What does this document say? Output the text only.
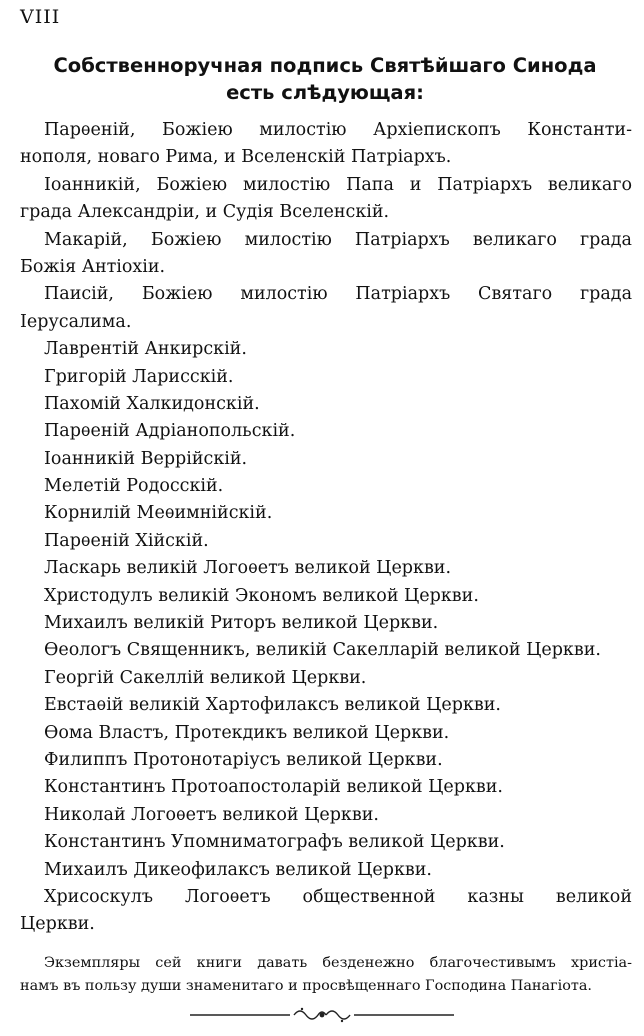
VIII
Собственноручная подпись Святѣйшаго Синода
есть слѣдующая:
Парѳеній, Божіею милостію Архіепископъ Константи-
нополя, новаго Рима, и Вселенскій Патріархъ.
Іоанникій, Божіею милостію Папа и Патріархъ великаго
града Александріи, и Судія Вселенскій.
Макарій, Божіею милостію Патріархъ великаго града
Божія Антіохіи.
Паисій, Божіею милостію Патріархъ Святаго града
Іерусалима.
Лаврентій Анкирскій.
Григорій Ларисскій.
Пахомій Халкидонскій.
Парѳеній Адріанопольскій.
Іоанникій Веррійскій.
Мелетій Родосскій.
Корнилій Меѳимнійскій.
Парѳеній Хійскій.
Ласкарь великій Логоѳетъ великой Церкви.
Христодулъ великій Экономъ великой Церкви.
Михаилъ великій Ритоpъ великой Церкви.
Ѳеологъ Священникъ, великій Сакелларій великой Церкви.
Георгій Сакеллій великой Церкви.
Евстаѳій великій Хартофилаксъ великой Церкви.
Ѳома Властъ, Протекдикъ великой Церкви.
Филиппъ Протонотаріусъ великой Церкви.
Константинъ Протоапостоларій великой Церкви.
Николай Логоѳетъ великой Церкви.
Константинъ Упомниматографъ великой Церкви.
Михаилъ Дикеофилаксъ великой Церкви.
Хрисоскулъ Логоѳетъ общественной казны великой
Церкви.
Экземпляры сей книги давать безденежно благочестивымъ христia-
намъ въ пользу души знаменитаго и просвѣщеннаго Господина Панагіота.
